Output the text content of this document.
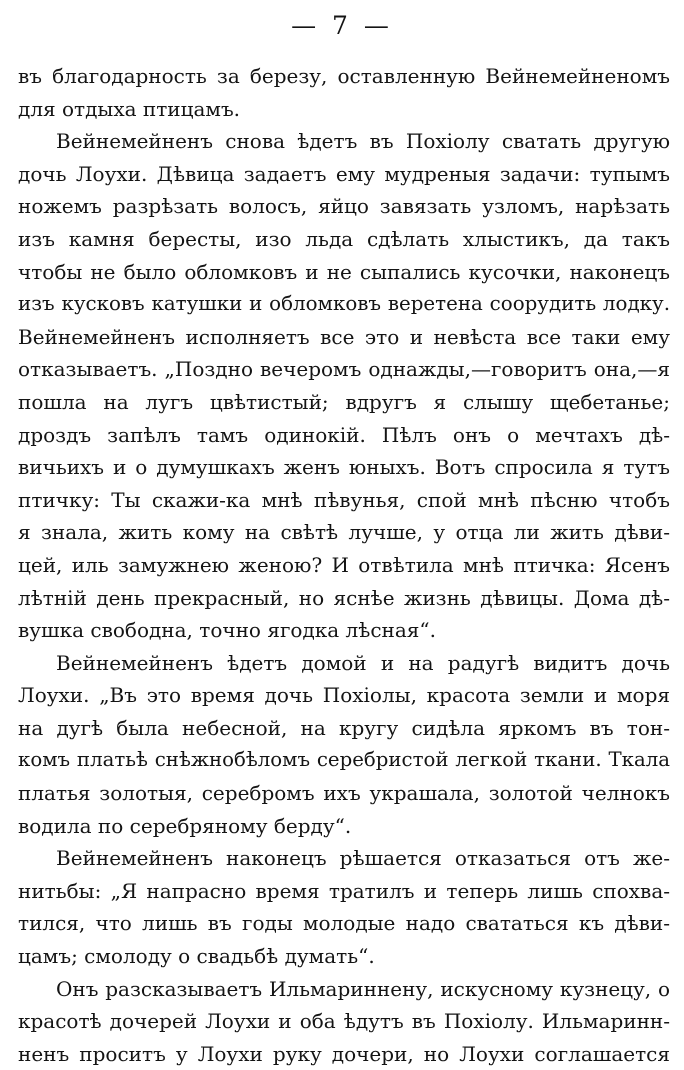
— 7 —
въ благодарность за березу, оставленную Вейнемейненомъ
для отдыха птицамъ.
Вейнемейненъ снова ѣдетъ въ Похіолу сватать другую
дочь Лоухи. Дѣвица задаетъ ему мудреныя задачи: тупымъ
ножемъ разрѣзать волосъ, яйцо завязать узломъ, нарѣзать
изъ камня бересты, изо льда сдѣлать хлыстикъ, да такъ
чтобы не было обломковъ и не сыпались кусочки, наконецъ
изъ кусковъ катушки и обломковъ веретена соорудить лодку.
Вейнемейненъ исполняетъ все это и невѣста все таки ему
отказываетъ. „Поздно вечеромъ однажды,—говоритъ она,—я
пошла на лугъ цвѣтистый; вдругъ я слышу щебетанье;
дроздъ запѣлъ тамъ одинокій. Пѣлъ онъ о мечтахъ дѣ-
вичьихъ и о думушкахъ женъ юныхъ. Вотъ спросила я тутъ
птичку: Ты скажи-ка мнѣ пѣвунья, спой мнѣ пѣсню чтобъ
я знала, жить кому на свѣтѣ лучше, у отца ли жить дѣви-
цей, иль замужнею женою? И отвѣтила мнѣ птичка: Ясенъ
лѣтній день прекрасный, но яснѣе жизнь дѣвицы. Дома дѣ-
вушка свободна, точно ягодка лѣсная“.
Вейнемейненъ ѣдетъ домой и на радугѣ видитъ дочь
Лоухи. „Въ это время дочь Похіолы, красота земли и моря
на дугѣ была небесной, на кругу сидѣла яркомъ въ тон-
комъ платьѣ снѣжнобѣломъ серебристой легкой ткани. Ткала
платья золотыя, серебромъ ихъ украшала, золотой челнокъ
водила по серебряному берду“.
Вейнемейненъ наконецъ рѣшается отказаться отъ же-
нитьбы: „Я напрасно время тратилъ и теперь лишь спохва-
тился, что лишь въ годы молодые надо свататься къ дѣви-
цамъ; смолоду о свадьбѣ думать“.
Онъ разсказываетъ Ильмариннену, искусному кузнецу, о
красотѣ дочерей Лоухи и оба ѣдутъ въ Похіолу. Ильмаринн-
ненъ проситъ у Лоухи руку дочери, но Лоухи соглашается
